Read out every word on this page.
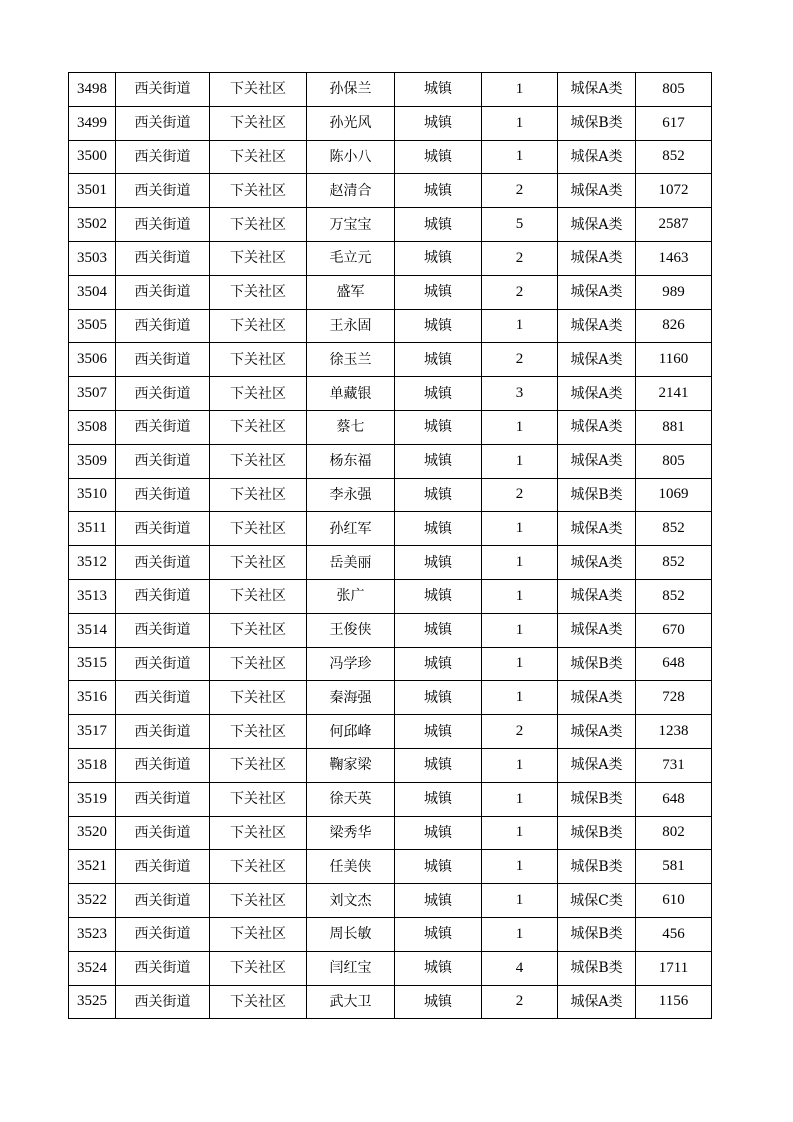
3498	西关街道	下关社区	孙保兰	城镇	1	城保A类	805
3499	西关街道	下关社区	孙光风	城镇	1	城保B类	617
3500	西关街道	下关社区	陈小八	城镇	1	城保A类	852
3501	西关街道	下关社区	赵清合	城镇	2	城保A类	1072
3502	西关街道	下关社区	万宝宝	城镇	5	城保A类	2587
3503	西关街道	下关社区	毛立元	城镇	2	城保A类	1463
3504	西关街道	下关社区	盛军	城镇	2	城保A类	989
3505	西关街道	下关社区	王永固	城镇	1	城保A类	826
3506	西关街道	下关社区	徐玉兰	城镇	2	城保A类	1160
3507	西关街道	下关社区	单藏银	城镇	3	城保A类	2141
3508	西关街道	下关社区	蔡七	城镇	1	城保A类	881
3509	西关街道	下关社区	杨东福	城镇	1	城保A类	805
3510	西关街道	下关社区	李永强	城镇	2	城保B类	1069
3511	西关街道	下关社区	孙红军	城镇	1	城保A类	852
3512	西关街道	下关社区	岳美丽	城镇	1	城保A类	852
3513	西关街道	下关社区	张广	城镇	1	城保A类	852
3514	西关街道	下关社区	王俊侠	城镇	1	城保A类	670
3515	西关街道	下关社区	冯学珍	城镇	1	城保B类	648
3516	西关街道	下关社区	秦海强	城镇	1	城保A类	728
3517	西关街道	下关社区	何邱峰	城镇	2	城保A类	1238
3518	西关街道	下关社区	鞠家梁	城镇	1	城保A类	731
3519	西关街道	下关社区	徐天英	城镇	1	城保B类	648
3520	西关街道	下关社区	梁秀华	城镇	1	城保B类	802
3521	西关街道	下关社区	任美侠	城镇	1	城保B类	581
3522	西关街道	下关社区	刘文杰	城镇	1	城保C类	610
3523	西关街道	下关社区	周长敏	城镇	1	城保B类	456
3524	西关街道	下关社区	闫红宝	城镇	4	城保B类	1711
3525	西关街道	下关社区	武大卫	城镇	2	城保A类	1156
